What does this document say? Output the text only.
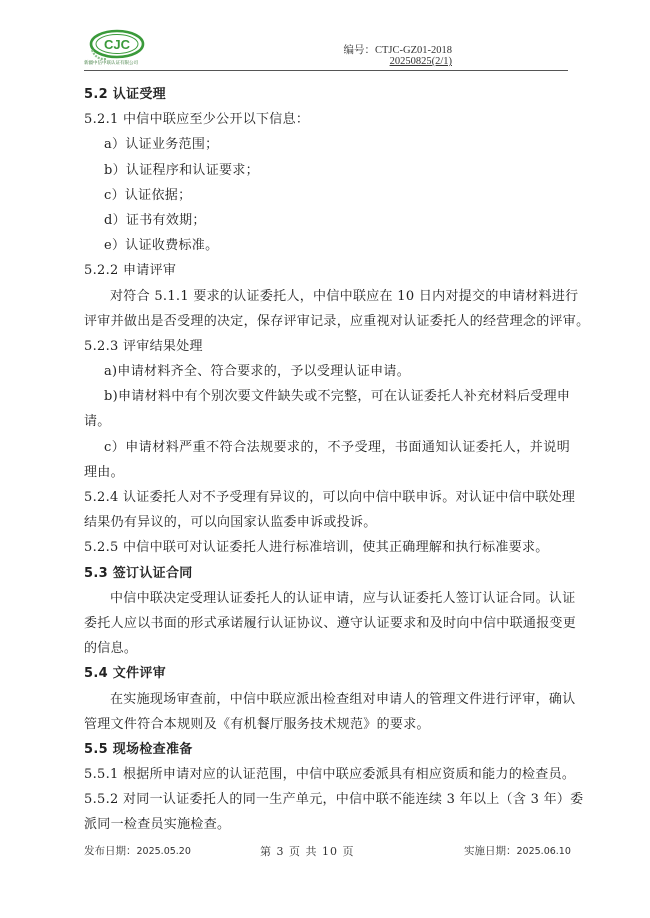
CJC
新疆中信中联认证有限公司
编号：CTJC-GZ01-2018
20250825(2/1)
5.2 认证受理
5.2.1 中信中联应至少公开以下信息：
a）认证业务范围；
b）认证程序和认证要求；
c）认证依据；
d）证书有效期；
e）认证收费标准。
5.2.2 申请评审
对符合 5.1.1 要求的认证委托人，中信中联应在 10 日内对提交的申请材料进行
评审并做出是否受理的决定，保存评审记录，应重视对认证委托人的经营理念的评审。
5.2.3 评审结果处理
a)申请材料齐全、符合要求的，予以受理认证申请。
b)申请材料中有个别次要文件缺失或不完整，可在认证委托人补充材料后受理申
请。
c）申请材料严重不符合法规要求的，不予受理，书面通知认证委托人，并说明
理由。
5.2.4 认证委托人对不予受理有异议的，可以向中信中联申诉。对认证中信中联处理
结果仍有异议的，可以向国家认监委申诉或投诉。
5.2.5 中信中联可对认证委托人进行标准培训，使其正确理解和执行标准要求。
5.3 签订认证合同
中信中联决定受理认证委托人的认证申请，应与认证委托人签订认证合同。认证
委托人应以书面的形式承诺履行认证协议、遵守认证要求和及时向中信中联通报变更
的信息。
5.4 文件评审
在实施现场审查前，中信中联应派出检查组对申请人的管理文件进行评审，确认
管理文件符合本规则及《有机餐厅服务技术规范》的要求。
5.5 现场检查准备
5.5.1 根据所申请对应的认证范围，中信中联应委派具有相应资质和能力的检查员。
5.5.2 对同一认证委托人的同一生产单元，中信中联不能连续 3 年以上（含 3 年）委
派同一检查员实施检查。
发布日期：2025.05.20	第 3 页 共 10 页	实施日期：2025.06.10
